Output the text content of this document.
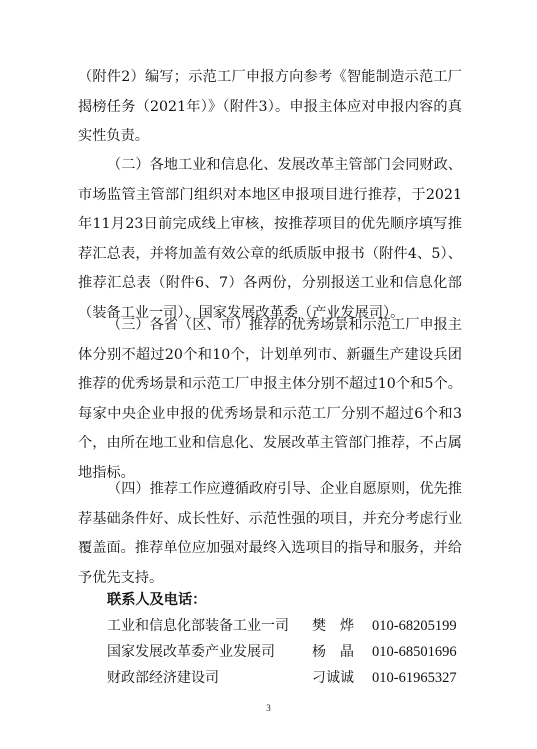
（附件2）编写；示范工厂申报方向参考《智能制造示范工厂揭榜任务（2021年）》（附件3）。申报主体应对申报内容的真实性负责。

（二）各地工业和信息化、发展改革主管部门会同财政、市场监管主管部门组织对本地区申报项目进行推荐，于2021年11月23日前完成线上审核，按推荐项目的优先顺序填写推荐汇总表，并将加盖有效公章的纸质版申报书（附件4、5）、推荐汇总表（附件6、7）各两份，分别报送工业和信息化部（装备工业一司）、国家发展改革委（产业发展司）。

（三）各省（区、市）推荐的优秀场景和示范工厂申报主体分别不超过20个和10个，计划单列市、新疆生产建设兵团推荐的优秀场景和示范工厂申报主体分别不超过10个和5个。每家中央企业申报的优秀场景和示范工厂分别不超过6个和3个，由所在地工业和信息化、发展改革主管部门推荐，不占属地指标。

（四）推荐工作应遵循政府引导、企业自愿原则，优先推荐基础条件好、成长性好、示范性强的项目，并充分考虑行业覆盖面。推荐单位应加强对最终入选项目的指导和服务，并给予优先支持。

联系人及电话：

工业和信息化部装备工业一司 樊　烨 010-68205199
国家发展改革委产业发展司	杨　晶 010-68501696
财政部经济建设司	刁诚诚 010-61965327
3
